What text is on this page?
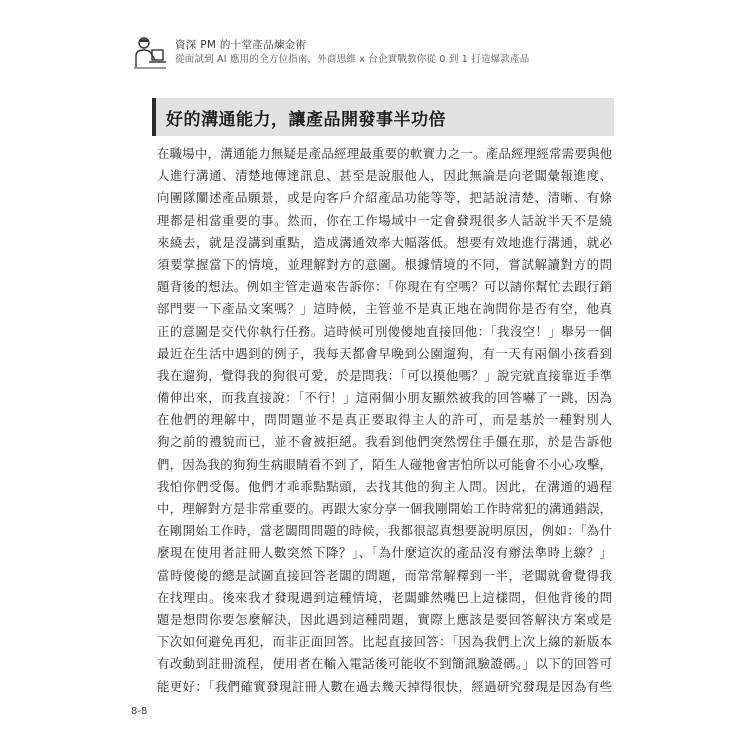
資深 PM 的十堂產品煉金術
從面試到 AI 應用的全方位指南，外商思維 x 台企實戰教你從 0 到 1 打造爆款產品
好的溝通能力，讓產品開發事半功倍
在職場中，溝通能力無疑是產品經理最重要的軟實力之一。產品經理經常需要與他
人進行溝通、清楚地傳達訊息、甚至是說服他人，因此無論是向老闆彙報進度、
向團隊闡述產品願景，或是向客戶介紹產品功能等等，把話說清楚、清晰、有條
理都是相當重要的事。然而，你在工作場域中一定會發現很多人話說半天不是繞
來繞去，就是沒講到重點，造成溝通效率大幅落低。想要有效地進行溝通，就必
須要掌握當下的情境，並理解對方的意圖。根據情境的不同，嘗試解讀對方的問
題背後的想法。例如主管走過來告訴你：「你現在有空嗎？可以請你幫忙去跟行銷
部門要一下產品文案嗎？」這時候，主管並不是真正地在詢問你是否有空，他真
正的意圖是交代你執行任務。這時候可別傻傻地直接回他：「我沒空！」舉另一個
最近在生活中遇到的例子，我每天都會早晚到公園遛狗，有一天有兩個小孩看到
我在遛狗，覺得我的狗很可愛，於是問我：「可以摸他嗎？」說完就直接靠近手準
備伸出來，而我直接說：「不行！」這兩個小朋友顯然被我的回答嚇了一跳，因為
在他們的理解中，問問題並不是真正要取得主人的許可，而是基於一種對別人
狗之前的禮貌而已，並不會被拒絕。我看到他們突然愣住手僵在那，於是告訴他
們，因為我的狗狗生病眼睛看不到了，陌生人碰牠會害怕所以可能會不小心攻擊，
我怕你們受傷。他們才乖乖點點頭，去找其他的狗主人問。因此，在溝通的過程
中，理解對方是非常重要的。再跟大家分享一個我剛開始工作時常犯的溝通錯誤，
在剛開始工作時，當老闆問問題的時候，我都很認真想要說明原因，例如：「為什
麼現在使用者註冊人數突然下降？」、「為什麼這次的產品沒有辦法準時上線？」
當時傻傻的總是試圖直接回答老闆的問題，而常常解釋到一半，老闆就會覺得我
在找理由。後來我才發現遇到這種情境，老闆雖然嘴巴上這樣問，但他背後的問
題是想問你要怎麼解決，因此遇到這種問題，實際上應該是要回答解決方案或是
下次如何避免再犯，而非正面回答。比起直接回答：「因為我們上次上線的新版本
有改動到註冊流程，使用者在輸入電話後可能收不到簡訊驗證碼。」以下的回答可
能更好：「我們確實發現註冊人數在過去幾天掉得很快，經過研究發現是因為有些
8-8
